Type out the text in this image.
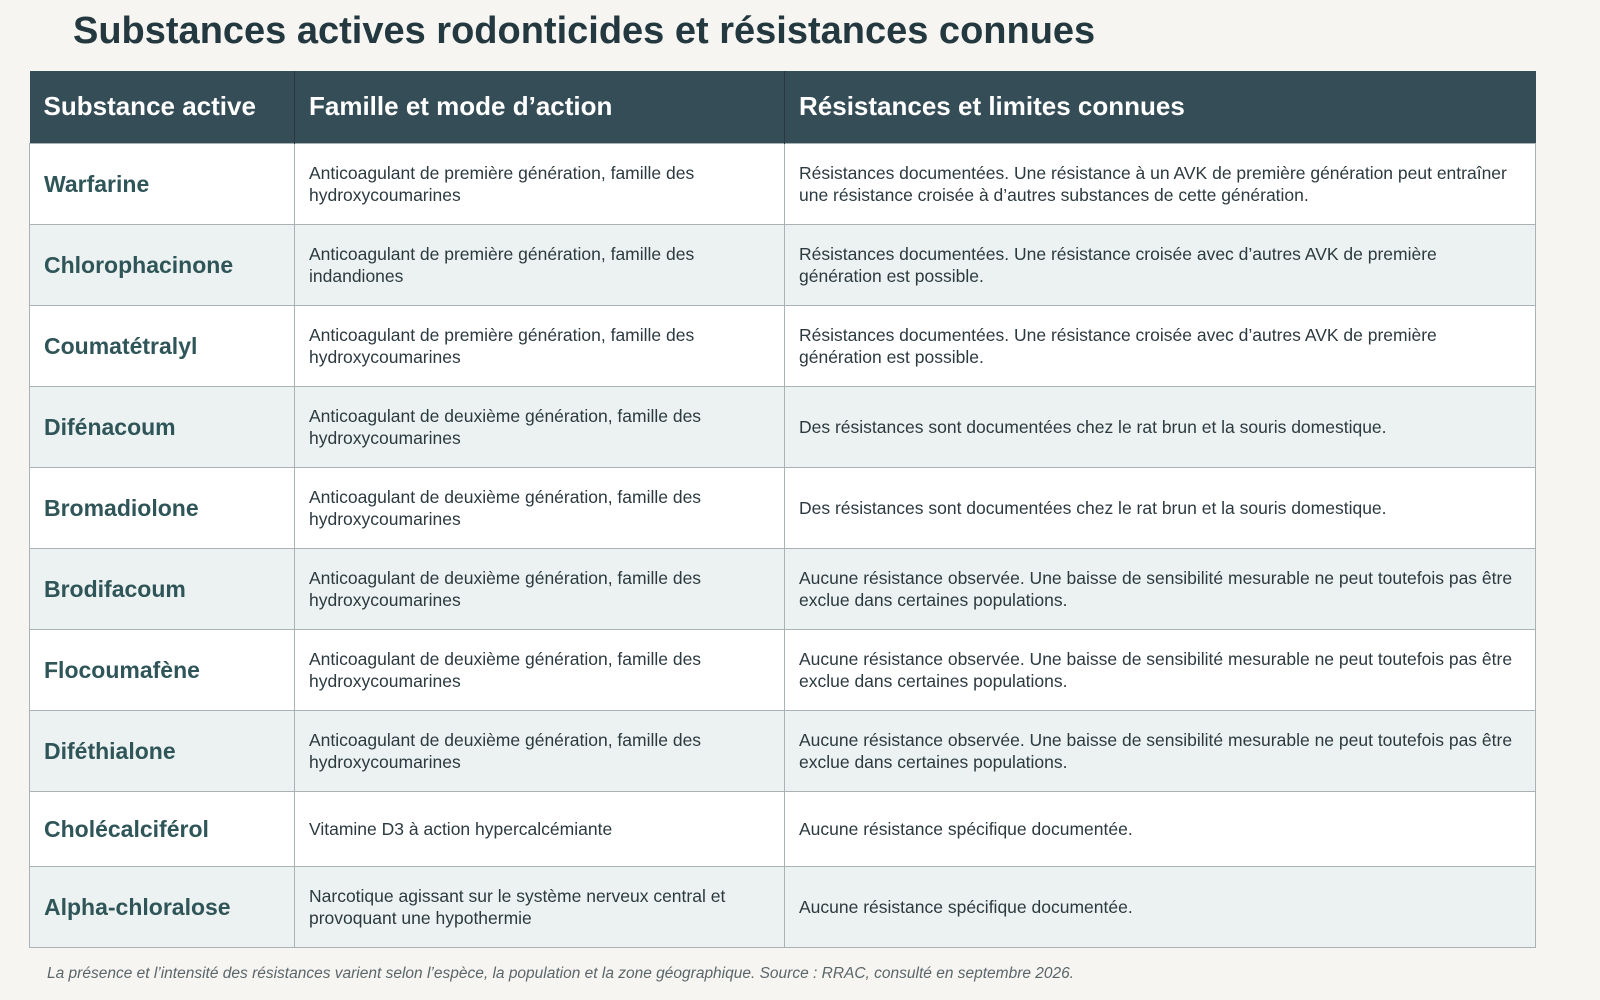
Substances actives rodonticides et résistances connues
Substance active	Famille et mode d’action	Résistances et limites connues
Warfarine	Anticoagulant de première génération, famille des hydroxycoumarines	Résistances documentées. Une résistance à un AVK de première génération peut entraîner une résistance croisée à d’autres substances de cette génération.
Chlorophacinone	Anticoagulant de première génération, famille des indandiones	Résistances documentées. Une résistance croisée avec d’autres AVK de première génération est possible.
Coumatétralyl	Anticoagulant de première génération, famille des hydroxycoumarines	Résistances documentées. Une résistance croisée avec d’autres AVK de première génération est possible.
Difénacoum	Anticoagulant de deuxième génération, famille des hydroxycoumarines	Des résistances sont documentées chez le rat brun et la souris domestique.
Bromadiolone	Anticoagulant de deuxième génération, famille des hydroxycoumarines	Des résistances sont documentées chez le rat brun et la souris domestique.
Brodifacoum	Anticoagulant de deuxième génération, famille des hydroxycoumarines	Aucune résistance observée. Une baisse de sensibilité mesurable ne peut toutefois pas être exclue dans certaines populations.
Flocoumafène	Anticoagulant de deuxième génération, famille des hydroxycoumarines	Aucune résistance observée. Une baisse de sensibilité mesurable ne peut toutefois pas être exclue dans certaines populations.
Diféthialone	Anticoagulant de deuxième génération, famille des hydroxycoumarines	Aucune résistance observée. Une baisse de sensibilité mesurable ne peut toutefois pas être exclue dans certaines populations.
Cholécalciférol	Vitamine D3 à action hypercalcémiante	Aucune résistance spécifique documentée.
Alpha-chloralose	Narcotique agissant sur le système nerveux central et provoquant une hypothermie	Aucune résistance spécifique documentée.

La présence et l’intensité des résistances varient selon l’espèce, la population et la zone géographique. Source : RRAC, consulté en septembre 2026.
